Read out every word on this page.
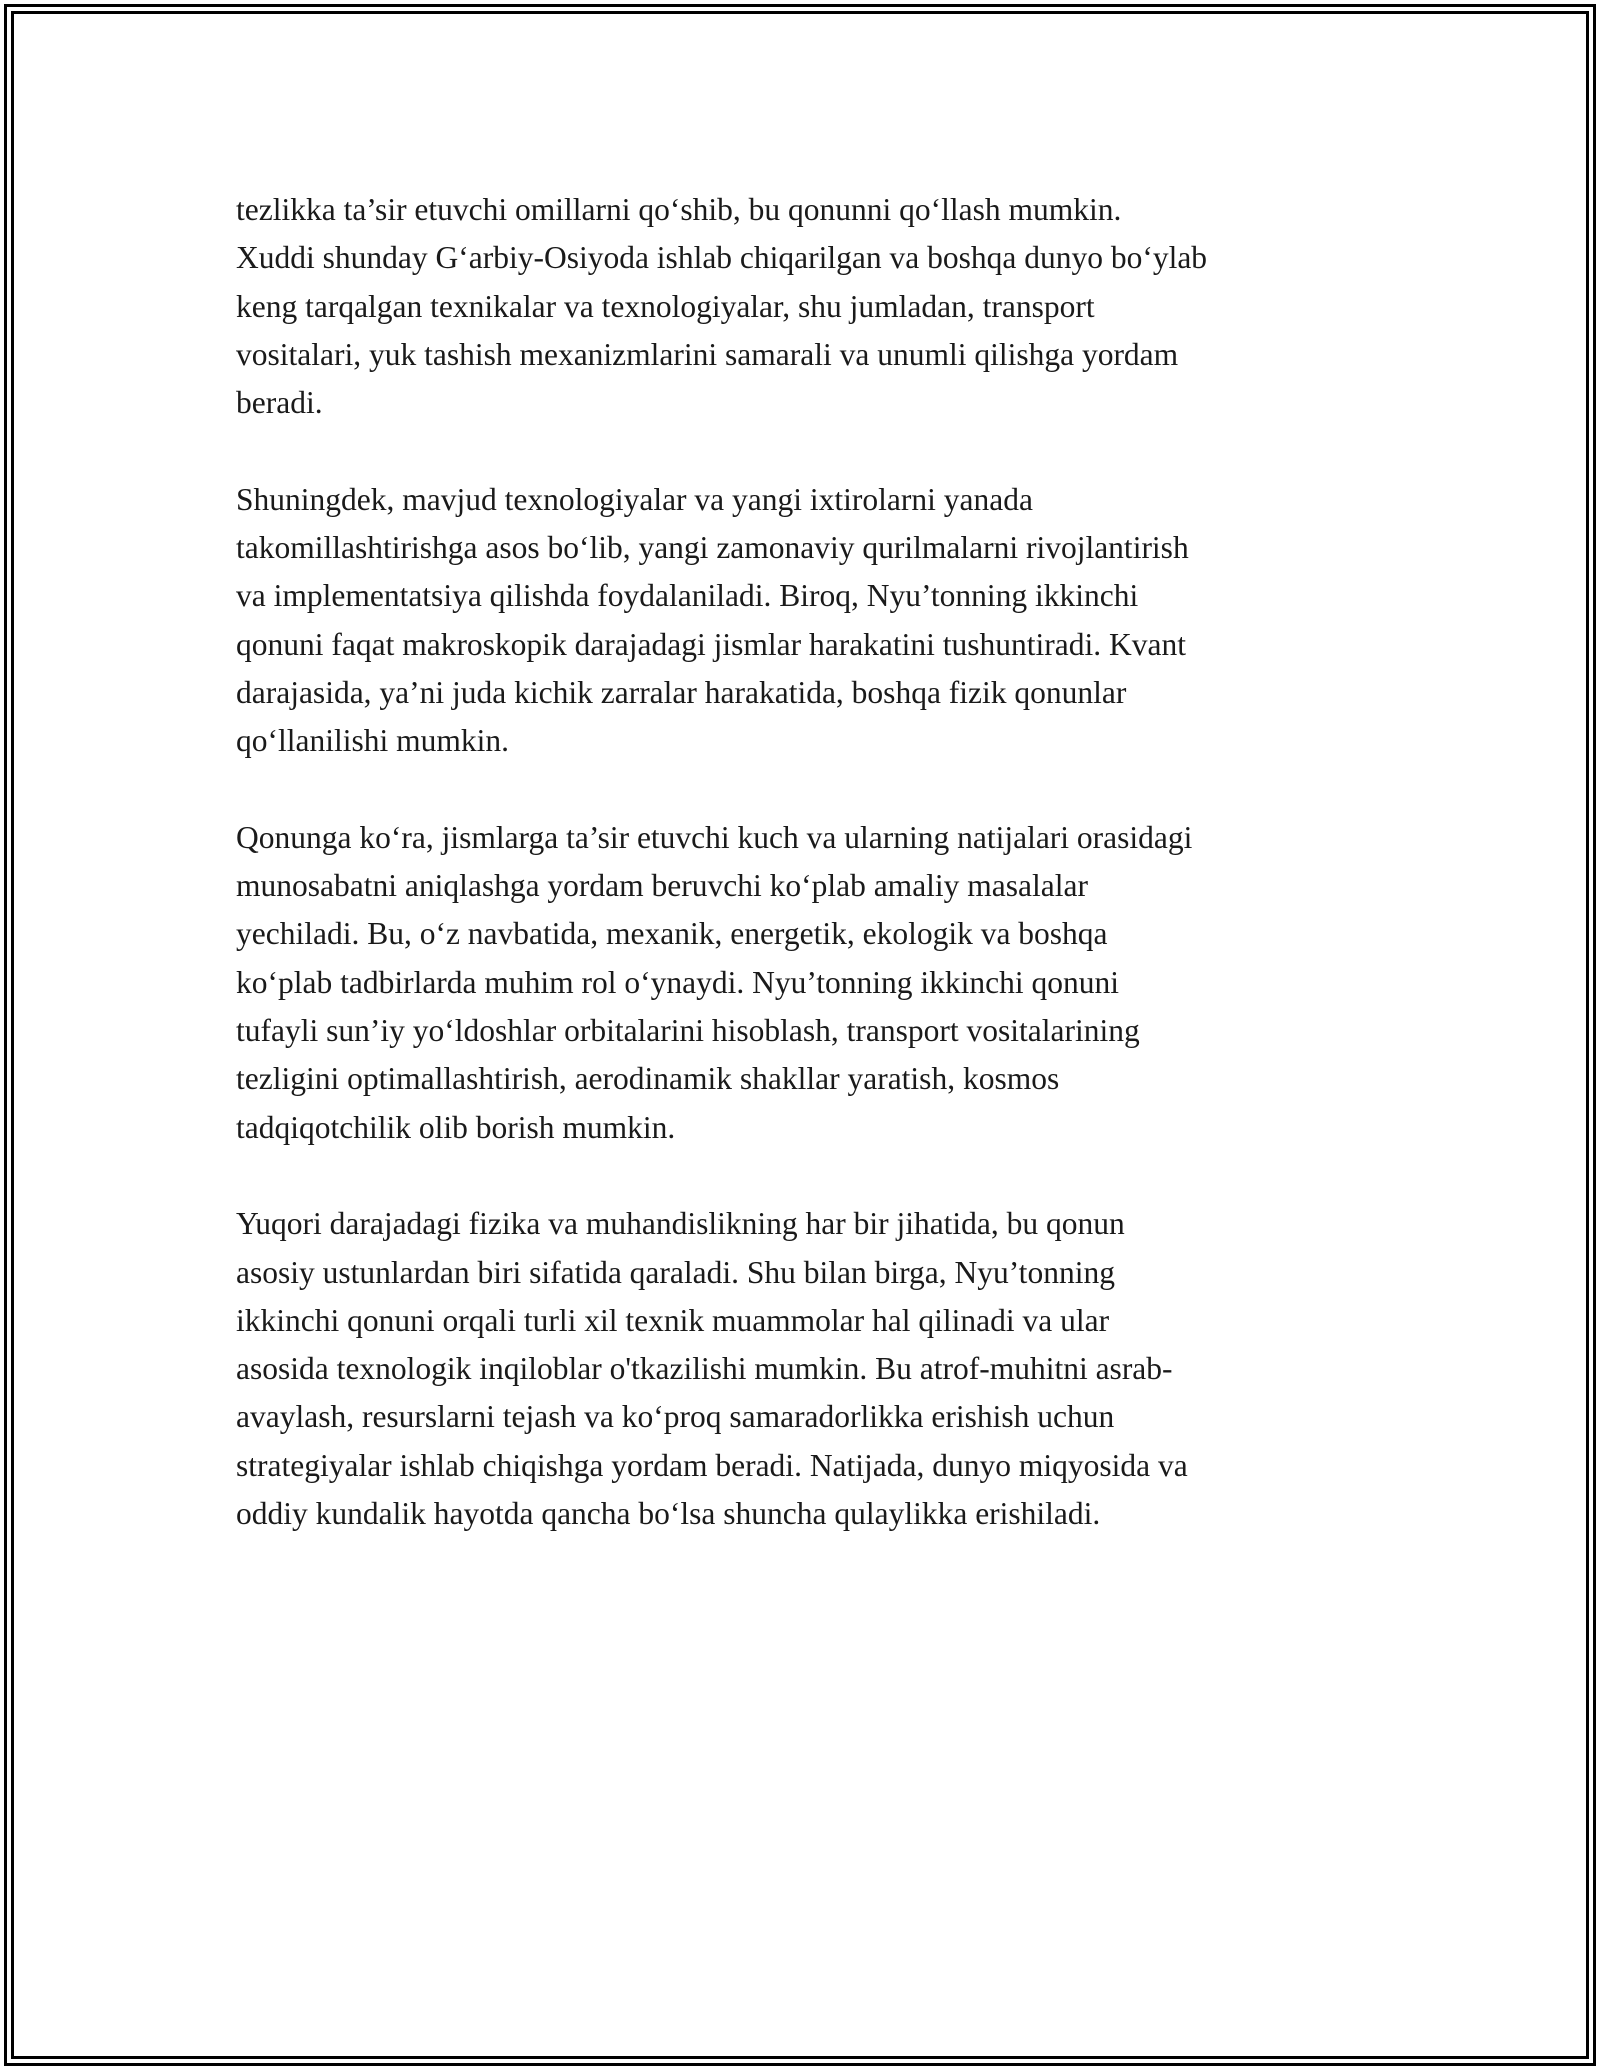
tezlikka ta’sir etuvchi omillarni qo‘shib, bu qonunni qo‘llash mumkin.
Xuddi shunday G‘arbiy-Osiyoda ishlab chiqarilgan va boshqa dunyo bo‘ylab
keng tarqalgan texnikalar va texnologiyalar, shu jumladan, transport
vositalari, yuk tashish mexanizmlarini samarali va unumli qilishga yordam
beradi.

Shuningdek, mavjud texnologiyalar va yangi ixtirolarni yanada
takomillashtirishga asos bo‘lib, yangi zamonaviy qurilmalarni rivojlantirish
va implementatsiya qilishda foydalaniladi. Biroq, Nyu’tonning ikkinchi
qonuni faqat makroskopik darajadagi jismlar harakatini tushuntiradi. Kvant
darajasida, ya’ni juda kichik zarralar harakatida, boshqa fizik qonunlar
qo‘llanilishi mumkin.

Qonunga ko‘ra, jismlarga ta’sir etuvchi kuch va ularning natijalari orasidagi
munosabatni aniqlashga yordam beruvchi ko‘plab amaliy masalalar
yechiladi. Bu, o‘z navbatida, mexanik, energetik, ekologik va boshqa
ko‘plab tadbirlarda muhim rol o‘ynaydi. Nyu’tonning ikkinchi qonuni
tufayli sun’iy yo‘ldoshlar orbitalarini hisoblash, transport vositalarining
tezligini optimallashtirish, aerodinamik shakllar yaratish, kosmos
tadqiqotchilik olib borish mumkin.

Yuqori darajadagi fizika va muhandislikning har bir jihatida, bu qonun
asosiy ustunlardan biri sifatida qaraladi. Shu bilan birga, Nyu’tonning
ikkinchi qonuni orqali turli xil texnik muammolar hal qilinadi va ular
asosida texnologik inqiloblar o'tkazilishi mumkin. Bu atrof-muhitni asrab-
avaylash, resurslarni tejash va ko‘proq samaradorlikka erishish uchun
strategiyalar ishlab chiqishga yordam beradi. Natijada, dunyo miqyosida va
oddiy kundalik hayotda qancha bo‘lsa shuncha qulaylikka erishiladi.
